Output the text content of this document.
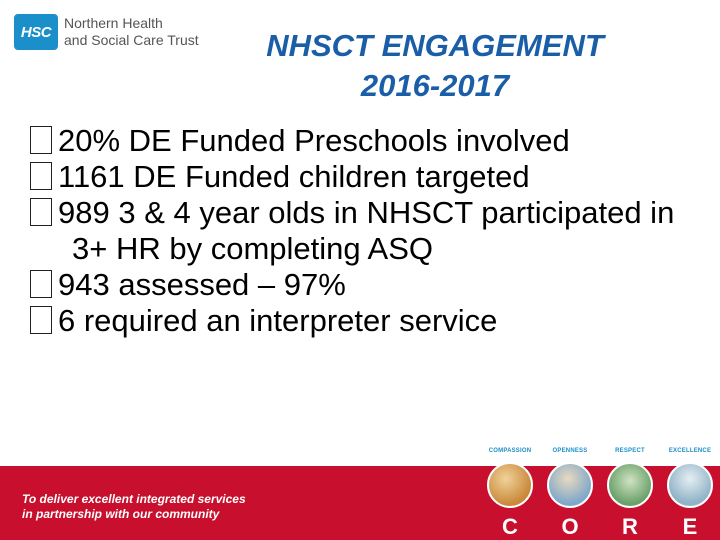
HSC
Northern Health
and Social Care Trust	NHSCT ENGAGEMENT
2016-2017
20% DE Funded Preschools involved
1161 DE Funded children targeted
989 3 & 4 year olds in NHSCT participated in 3+ HR by completing ASQ
943 assessed – 97%
6 required an interpreter service
To deliver excellent integrated services
in partnership with our community
COMPASSION
C
OPENNESS
O
RESPECT
R
EXCELLENCE
E
